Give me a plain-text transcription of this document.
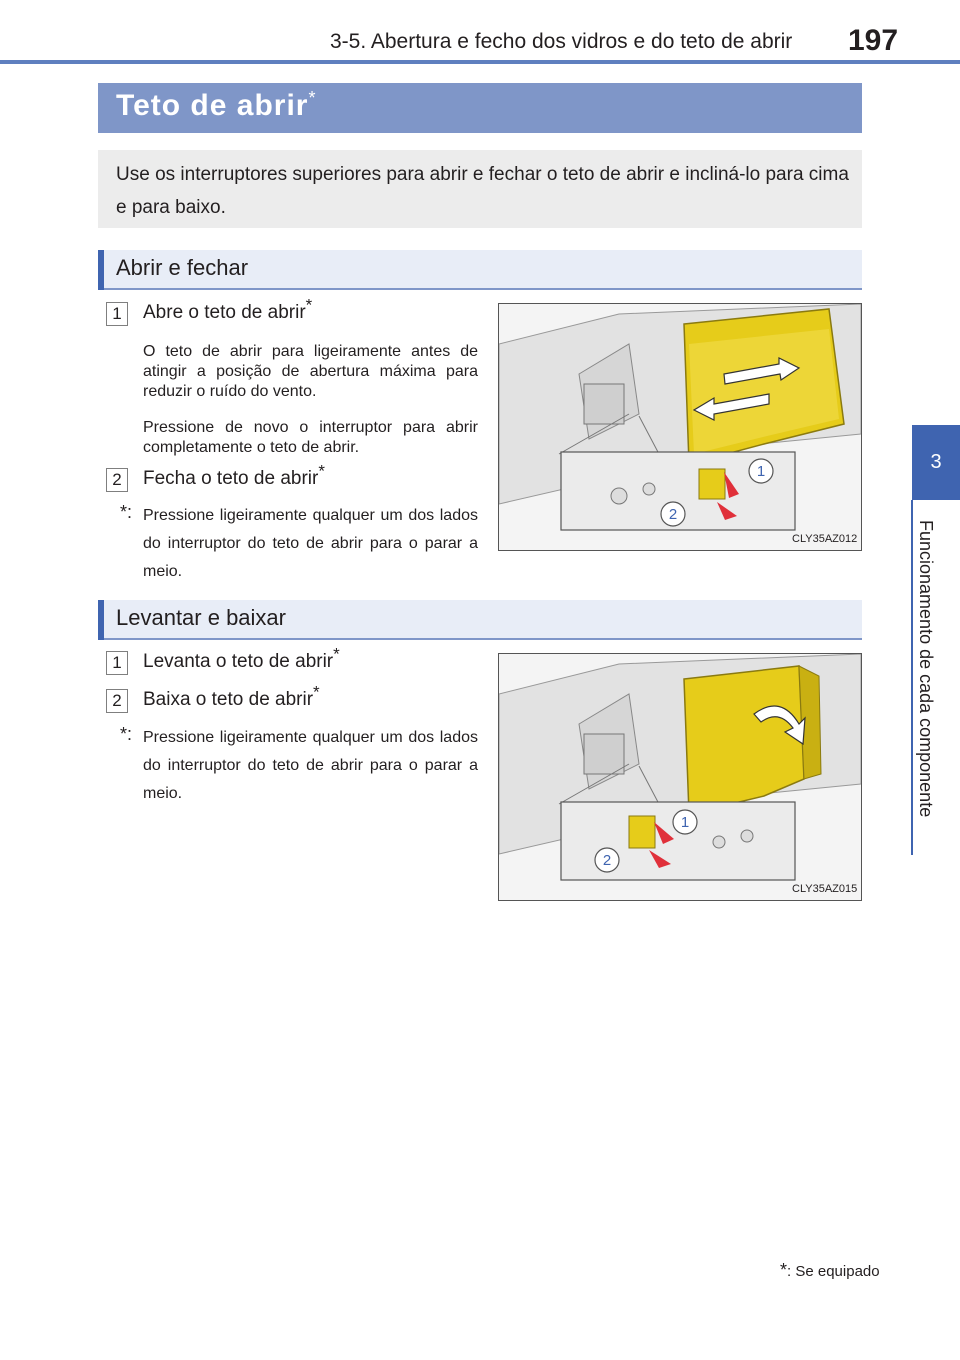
3-5. Abertura e fecho dos vidros e do teto de abrir 197
3
Funcionamento de cada componente
Teto de abrir*
Use os interruptores superiores para abrir e fechar o teto de abrir e incliná-lo para cima e para baixo.
Abrir e fechar
1	Abre o teto de abrir*
O teto de abrir para ligeiramente antes de atingir a posição de abertura máxima para reduzir o ruído do vento.
Pressione de novo o interruptor para abrir completamente o teto de abrir.
2	Fecha o teto de abrir*
*: Pressione ligeiramente qualquer um dos lados do interruptor do teto de abrir para o parar a meio.
1
2
CLY35AZ012
Levantar e baixar
1	Levanta o teto de abrir*
2	Baixa o teto de abrir*
*: Pressione ligeiramente qualquer um dos lados do interruptor do teto de abrir para o parar a meio.
1
2
CLY35AZ015
*: Se equipado
